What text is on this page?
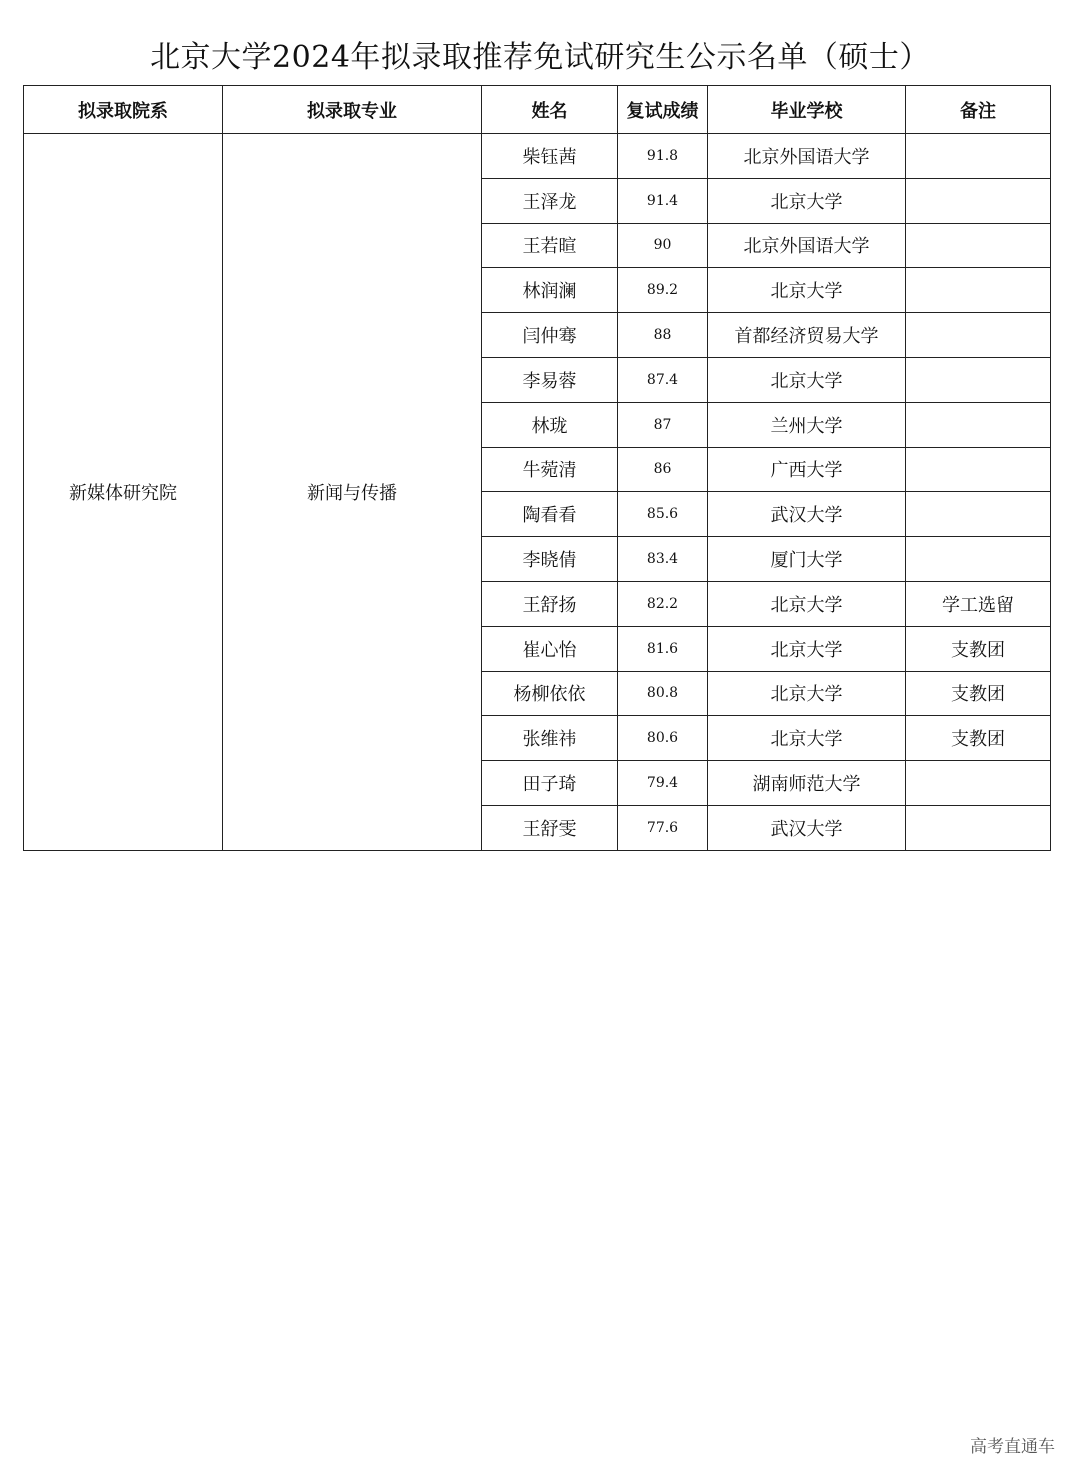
北京大学2024年拟录取推荐免试研究生公示名单（硕士）
拟录取院系	拟录取专业	姓名	复试成绩	毕业学校	备注
新媒体研究院	新闻与传播	柴钰茜	91.8	北京外国语大学	
		王泽龙	91.4	北京大学	
		王若暄	90	北京外国语大学	
		林润澜	89.2	北京大学	
		闫仲骞	88	首都经济贸易大学	
		李易蓉	87.4	北京大学	
		林珑	87	兰州大学	
		牛菀清	86	广西大学	
		陶看看	85.6	武汉大学	
		李晓倩	83.4	厦门大学	
		王舒扬	82.2	北京大学	学工选留
		崔心怡	81.6	北京大学	支教团
		杨柳依依	80.8	北京大学	支教团
		张维祎	80.6	北京大学	支教团
		田子琦	79.4	湖南师范大学	
		王舒雯	77.6	武汉大学	
高考直通车
